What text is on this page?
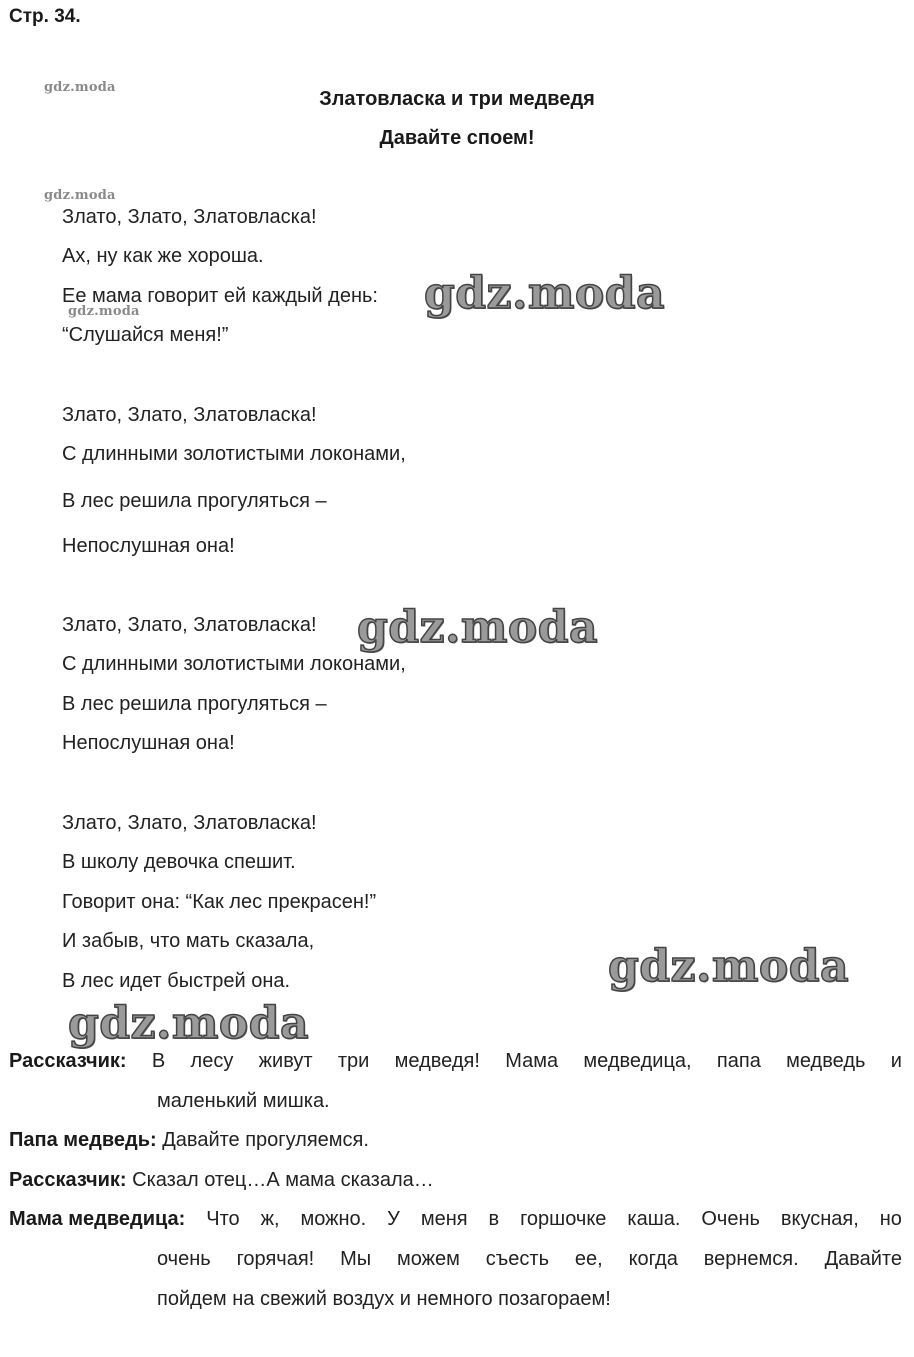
Стр. 34.
gdz.moda
gdz.moda
gdz.moda
Златовласка и три медведя
Давайте споем!
Злато, Злато, Златовласка!
Ах, ну как же хороша.
Ее мама говорит ей каждый день:
“Слушайся меня!”
Злато, Злато, Златовласка!
С длинными золотистыми локонами,
В лес решила прогуляться –
Непослушная она!
Злато, Злато, Златовласка!
С длинными золотистыми локонами,
В лес решила прогуляться –
Непослушная она!
Злато, Злато, Златовласка!
В школу девочка спешит.
Говорит она: “Как лес прекрасен!”
И забыв, что мать сказала,
В лес идет быстрей она.
gdz.moda
gdz.moda
gdz.moda
gdz.moda
Рассказчик: В лесу живут три медведя! Мама медведица, папа медведь и
маленький мишка.
Папа медведь: Давайте прогуляемся.
Рассказчик: Сказал отец…А мама сказала…
Мама медведица: Что ж, можно. У меня в горшочке каша. Очень вкусная, но
очень горячая! Мы можем съесть ее, когда вернемся. Давайте
пойдем на свежий воздух и немного позагораем!
